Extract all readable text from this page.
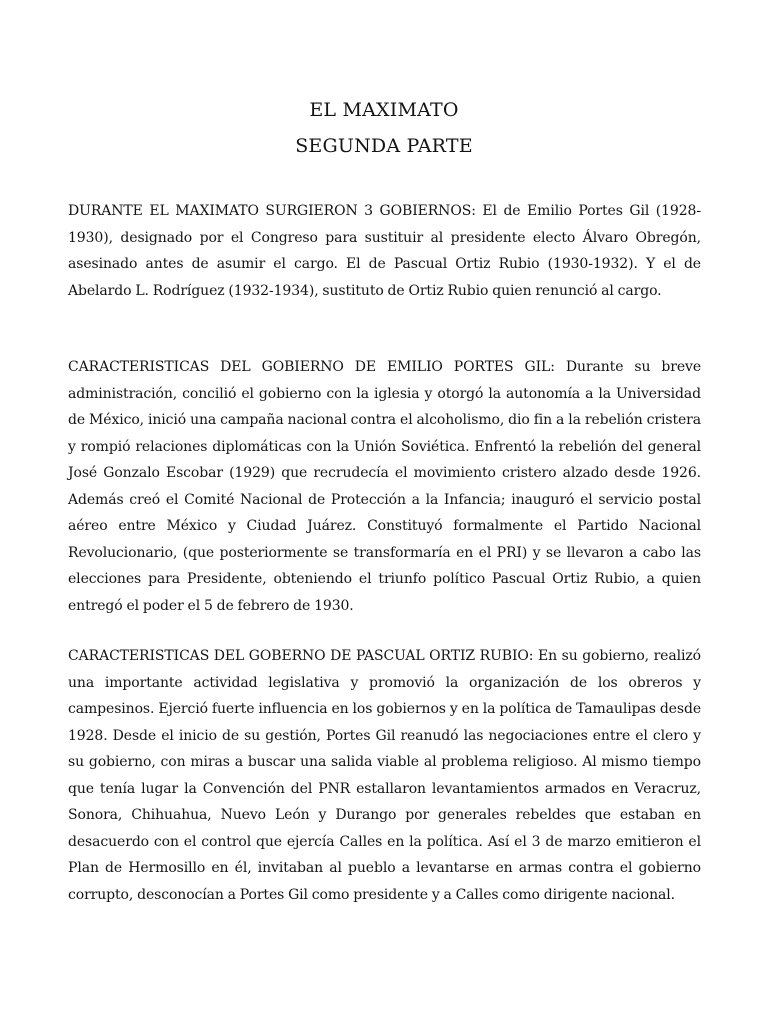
EL MAXIMATO
SEGUNDA PARTE

DURANTE EL MAXIMATO SURGIERON 3 GOBIERNOS: El de Emilio Portes Gil (1928-1930), designado por el Congreso para sustituir al presidente electo Álvaro Obregón, asesinado antes de asumir el cargo. El de Pascual Ortiz Rubio (1930-1932). Y el de Abelardo L. Rodríguez (1932-1934), sustituto de Ortiz Rubio quien renunció al cargo.

CARACTERISTICAS DEL GOBIERNO DE EMILIO PORTES GIL: Durante su breve administración, concilió el gobierno con la iglesia y otorgó la autonomía a la Universidad de México, inició una campaña nacional contra el alcoholismo, dio fin a la rebelión cristera y rompió relaciones diplomáticas con la Unión Soviética. Enfrentó la rebelión del general José Gonzalo Escobar (1929) que recrudecía el movimiento cristero alzado desde 1926. Además creó el Comité Nacional de Protección a la Infancia; inauguró el servicio postal aéreo entre México y Ciudad Juárez. Constituyó formalmente el Partido Nacional Revolucionario, (que posteriormente se transformaría en el PRI) y se llevaron a cabo las elecciones para Presidente, obteniendo el triunfo político Pascual Ortiz Rubio, a quien entregó el poder el 5 de febrero de 1930.

CARACTERISTICAS DEL GOBERNO DE PASCUAL ORTIZ RUBIO: En su gobierno, realizó una importante actividad legislativa y promovió la organización de los obreros y campesinos. Ejerció fuerte influencia en los gobiernos y en la política de Tamaulipas desde 1928. Desde el inicio de su gestión, Portes Gil reanudó las negociaciones entre el clero y su gobierno, con miras a buscar una salida viable al problema religioso. Al mismo tiempo que tenía lugar la Convención del PNR estallaron levantamientos armados en Veracruz, Sonora, Chihuahua, Nuevo León y Durango por generales rebeldes que estaban en desacuerdo con el control que ejercía Calles en la política. Así el 3 de marzo emitieron el Plan de Hermosillo en él, invitaban al pueblo a levantarse en armas contra el gobierno corrupto, desconocían a Portes Gil como presidente y a Calles como dirigente nacional.
